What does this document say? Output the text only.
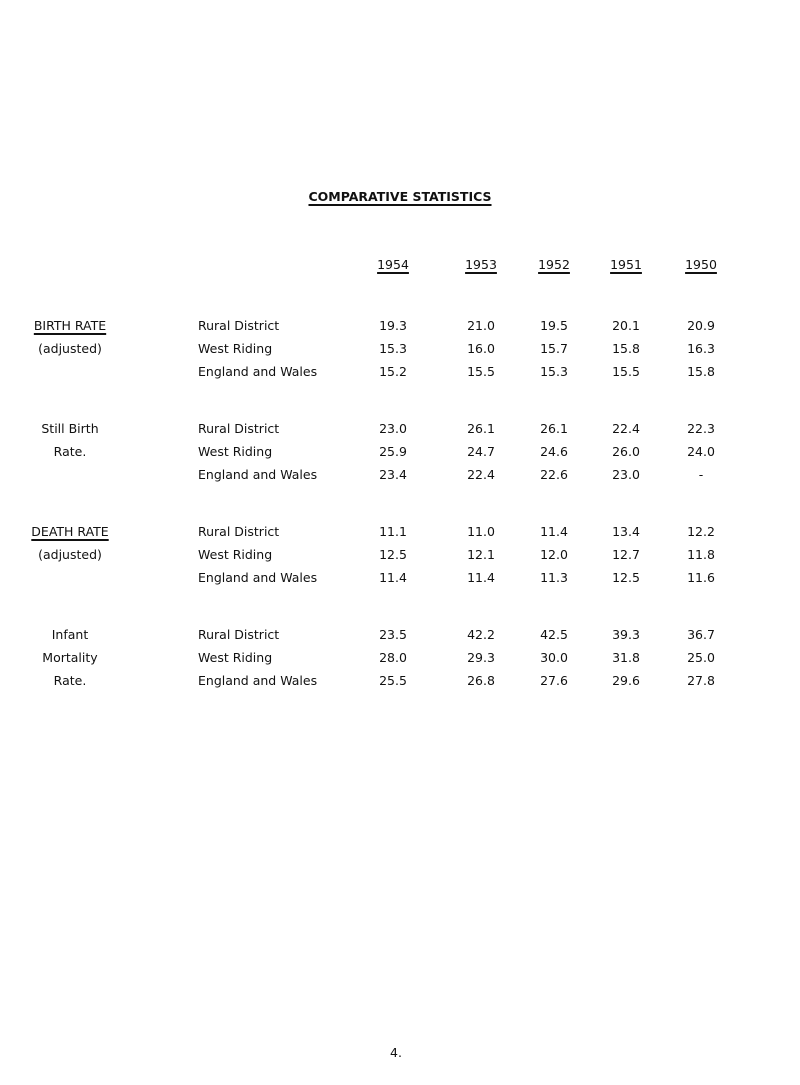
COMPARATIVE STATISTICS
1954	1953	1952	1951	1950
BIRTH RATE	Rural District	19.3	21.0	19.5	20.1	20.9
(adjusted)	West Riding	15.3	16.0	15.7	15.8	16.3
England and Wales	15.2	15.5	15.3	15.5	15.8
Still Birth	Rural District	23.0	26.1	26.1	22.4	22.3
Rate.	West Riding	25.9	24.7	24.6	26.0	24.0
England and Wales	23.4	22.4	22.6	23.0	-
DEATH RATE	Rural District	11.1	11.0	11.4	13.4	12.2
(adjusted)	West Riding	12.5	12.1	12.0	12.7	11.8
England and Wales	11.4	11.4	11.3	12.5	11.6
Infant	Rural District	23.5	42.2	42.5	39.3	36.7
Mortality	West Riding	28.0	29.3	30.0	31.8	25.0
Rate.	England and Wales	25.5	26.8	27.6	29.6	27.8
4.
